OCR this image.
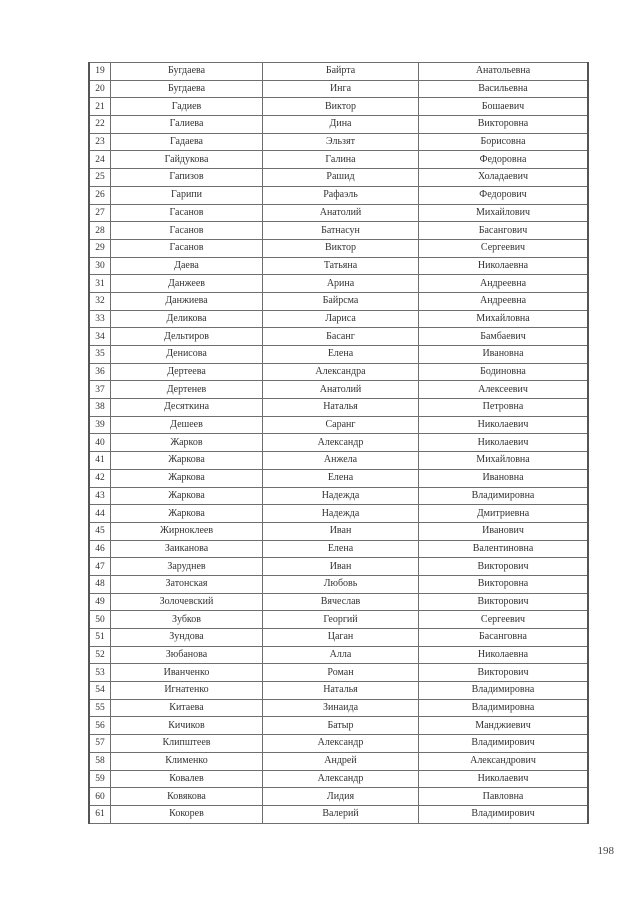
19	Бугдаева	Байрта	Анатольевна
20	Бугдаева	Инга	Васильевна
21	Гадиев	Виктор	Бошаевич
22	Галиева	Дина	Викторовна
23	Гадаева	Эльзят	Борисовна
24	Гайдукова	Галина	Федоровна
25	Гапизов	Рашид	Холадаевич
26	Гарипи	Рафаэль	Федорович
27	Гасанов	Анатолий	Михайлович
28	Гасанов	Батнасун	Басангович
29	Гасанов	Виктор	Сергеевич
30	Даева	Татьяна	Николаевна
31	Данжеев	Арина	Андреевна
32	Данжиева	Байрсма	Андреевна
33	Деликова	Лариса	Михайловна
34	Дельтиров	Басанг	Бамбаевич
35	Денисова	Елена	Ивановна
36	Дертеева	Александра	Бодиновна
37	Дертенев	Анатолий	Алексеевич
38	Десяткина	Наталья	Петровна
39	Дешеев	Саранг	Николаевич
40	Жарков	Александр	Николаевич
41	Жаркова	Анжела	Михайловна
42	Жаркова	Елена	Ивановна
43	Жаркова	Надежда	Владимировна
44	Жаркова	Надежда	Дмитриевна
45	Жирноклеев	Иван	Иванович
46	Заиканова	Елена	Валентиновна
47	Заруднев	Иван	Викторович
48	Затонская	Любовь	Викторовна
49	Золочевский	Вячеслав	Викторович
50	Зубков	Георгий	Сергеевич
51	Зундова	Цаган	Басанговна
52	Зюбанова	Алла	Николаевна
53	Иванченко	Роман	Викторович
54	Игнатенко	Наталья	Владимировна
55	Китаева	Зинаида	Владимировна
56	Кичиков	Батыр	Манджиевич
57	Клипштеев	Александр	Владимирович
58	Клименко	Андрей	Александрович
59	Ковалев	Александр	Николаевич
60	Ковякова	Лидия	Павловна
61	Кокорев	Валерий	Владимирович
198
